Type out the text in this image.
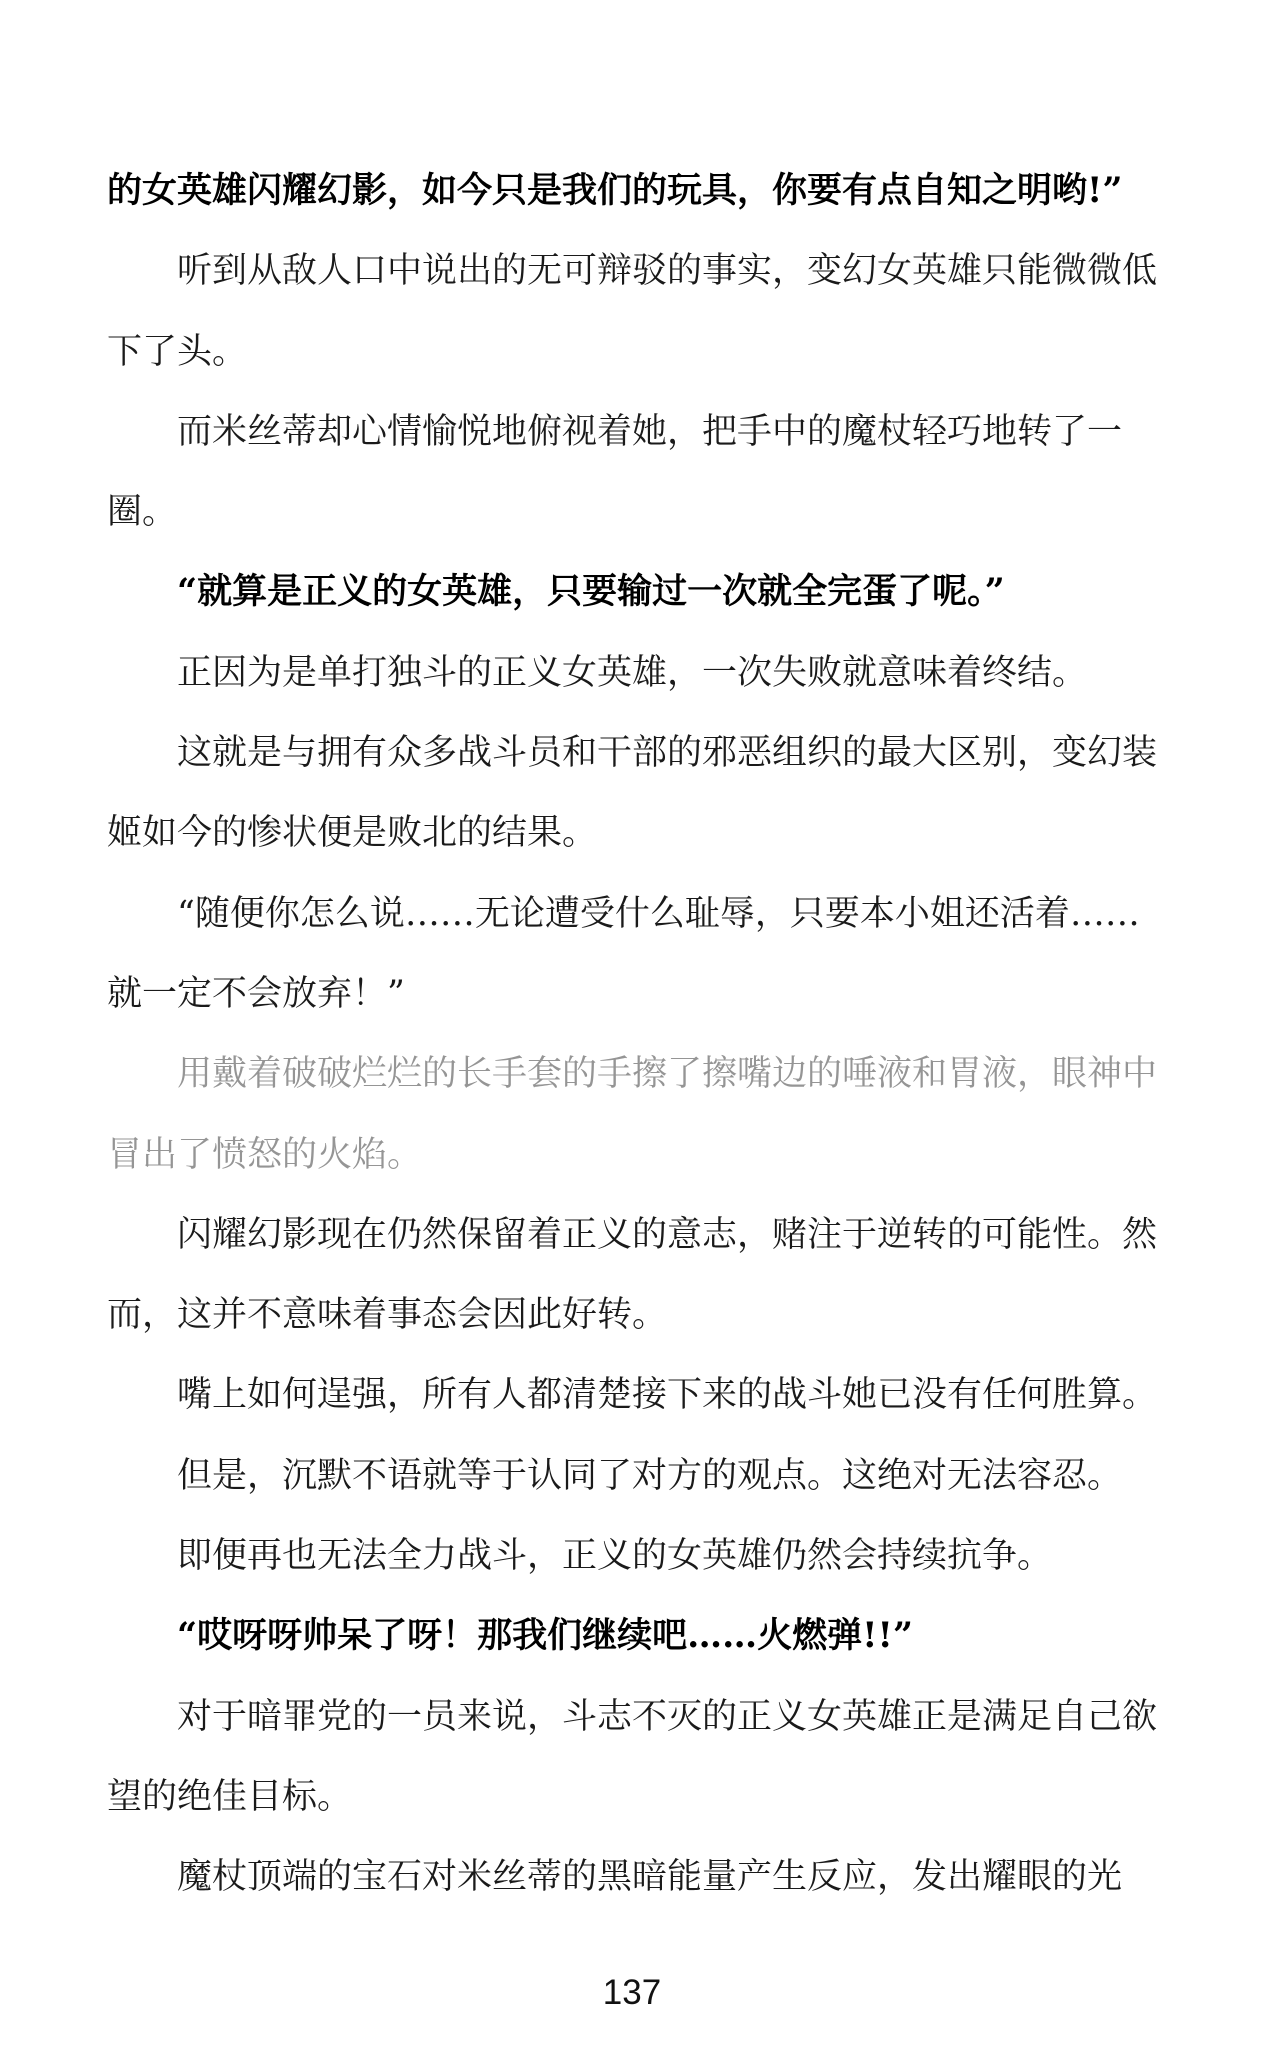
的女英雄闪耀幻影，如今只是我们的玩具，你要有点自知之明哟!”
听到从敌人口中说出的无可辩驳的事实，变幻女英雄只能微微低
下了头。
而米丝蒂却心情愉悦地俯视着她，把手中的魔杖轻巧地转了一
圈。
“就算是正义的女英雄，只要输过一次就全完蛋了呢。”
正因为是单打独斗的正义女英雄，一次失败就意味着终结。
这就是与拥有众多战斗员和干部的邪恶组织的最大区别，变幻装
姬如今的惨状便是败北的结果。
“随便你怎么说……无论遭受什么耻辱，只要本小姐还活着……
就一定不会放弃！”
用戴着破破烂烂的长手套的手擦了擦嘴边的唾液和胃液，眼神中
冒出了愤怒的火焰。
闪耀幻影现在仍然保留着正义的意志，赌注于逆转的可能性。然
而，这并不意味着事态会因此好转。
嘴上如何逞强，所有人都清楚接下来的战斗她已没有任何胜算。
但是，沉默不语就等于认同了对方的观点。这绝对无法容忍。
即便再也无法全力战斗，正义的女英雄仍然会持续抗争。
“哎呀呀帅呆了呀！那我们继续吧……火燃弹!!”
对于暗罪党的一员来说，斗志不灭的正义女英雄正是满足自己欲
望的绝佳目标。
魔杖顶端的宝石对米丝蒂的黑暗能量产生反应，发出耀眼的光
137
